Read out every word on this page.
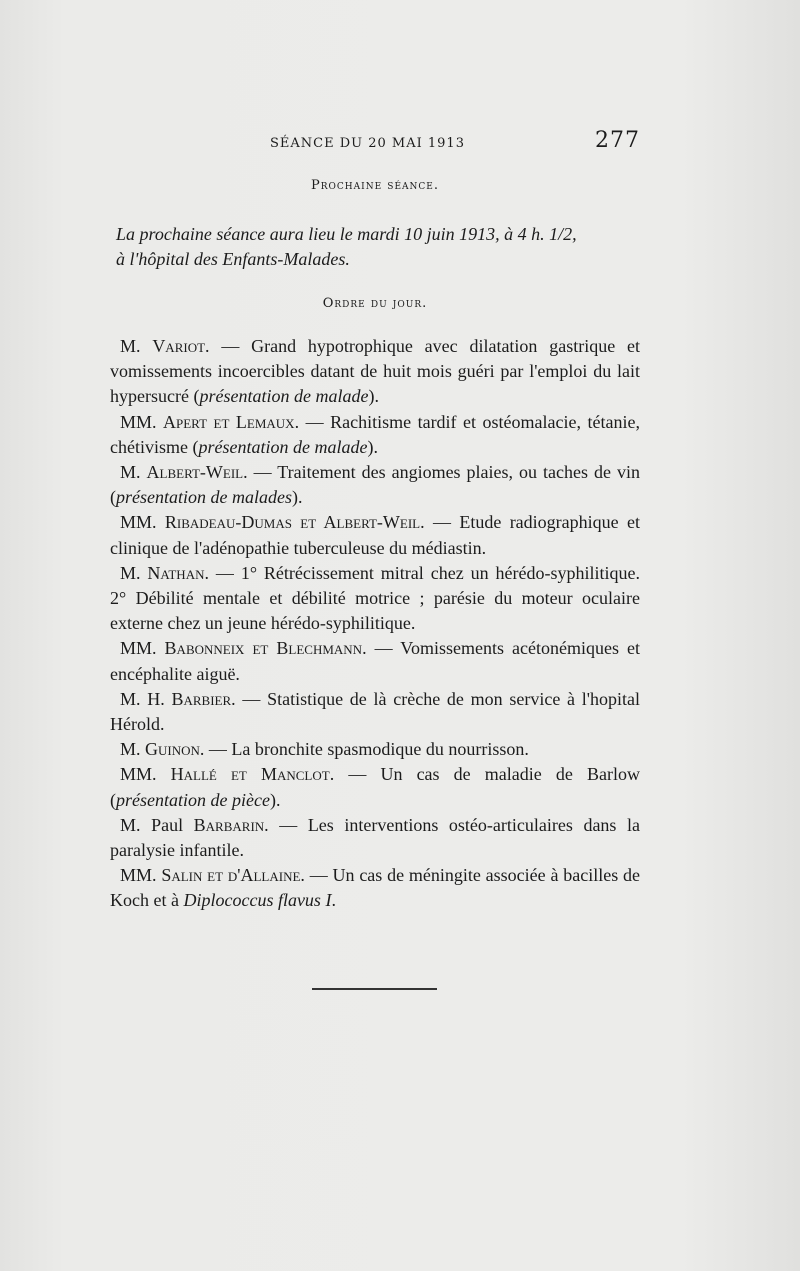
SÉANCE DU 20 MAI 1913	277
Prochaine séance.
La prochaine séance aura lieu le mardi 10 juin 1913, à 4 h. 1/2,
à l'hôpital des Enfants-Malades.
Ordre du jour.

M. Variot. — Grand hypotrophique avec dilatation gastrique et vomissements incoercibles datant de huit mois guéri par l'emploi du lait hypersucré (présentation de malade).

MM. Apert et Lemaux. — Rachitisme tardif et ostéomalacie, tétanie, chétivisme (présentation de malade).

M. Albert-Weil. — Traitement des angiomes plaies, ou taches de vin (présentation de malades).

MM. Ribadeau-Dumas et Albert-Weil. — Etude radiographique et clinique de l'adénopathie tuberculeuse du médiastin.

M. Nathan. — 1° Rétrécissement mitral chez un hérédo-syphilitique. 2° Débilité mentale et débilité motrice ; parésie du moteur oculaire externe chez un jeune hérédo-syphilitique.

MM. Babonneix et Blechmann. — Vomissements acétonémiques et encéphalite aiguë.

M. H. Barbier. — Statistique de là crèche de mon service à l'hopital Hérold.

M. Guinon. — La bronchite spasmodique du nourrisson.

MM. Hallé et Manclot. — Un cas de maladie de Barlow (présentation de pièce).

M. Paul Barbarin. — Les interventions ostéo-articulaires dans la paralysie infantile.

MM. Salin et d'Allaine. — Un cas de méningite associée à bacilles de Koch et à Diplococcus flavus I.
